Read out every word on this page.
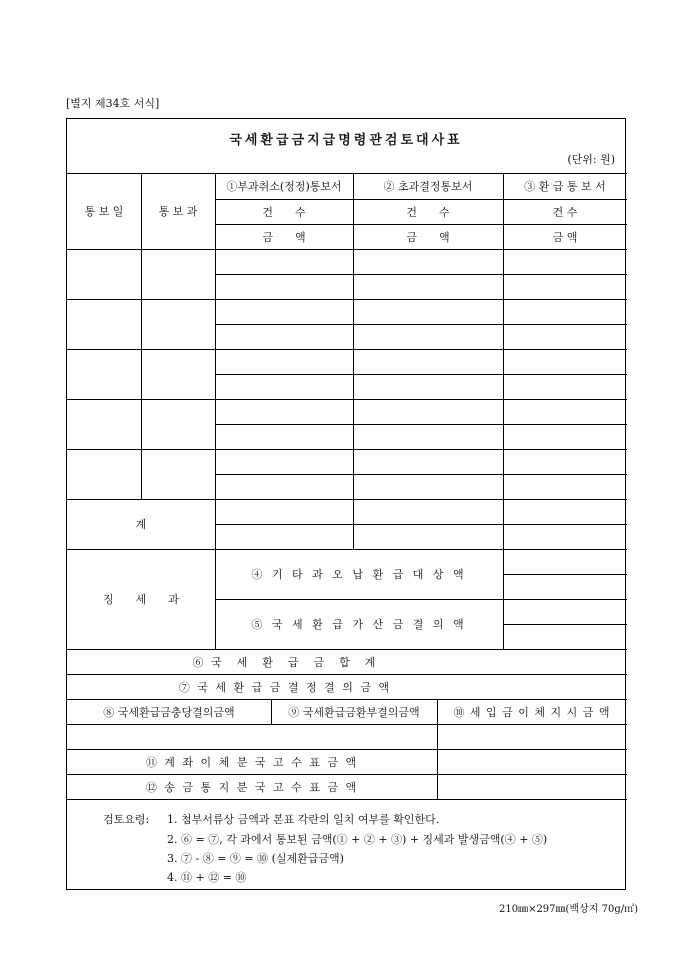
[별지 제34호 서식]
국세환급금지급명령관검토대사표
(단위: 원)
통 보 일	통 보 과
①부과취소(정정)통보서	② 초과결정통보서	③ 환 급 통 보 서
건　　수	건　　수	건 수
금　　액	금　　액	금 액
계
징　　세　　과
④ 기 타 과 오 납 환 급 대 상 액
⑤ 국 세 환 급 가 산 금 결 의 액
⑥ 국　세　환　급　금　합　계
⑦ 국 세 환 급 금 결 정 결 의 금 액
⑧ 국세환급금충당결의금액	⑨ 국세환급금환부결의금액	⑩ 세 입 금 이 체 지 시 금 액
⑪ 계 좌 이 체 분 국 고 수 표 금 액
⑫ 송 금 통 지 분 국 고 수 표 금 액
검토요령: 1. 첨부서류상 금액과 본표 각란의 일치 여부를 확인한다.
2. ⑥ = ⑦, 각 과에서 통보된 금액(① + ② + ③) + 징세과 발생금액(④ + ⑤)
3. ⑦ - ⑧ = ⑨ = ⑩ (실제환급금액)
4. ⑪ + ⑫ = ⑩
210㎜×297㎜(백상지 70g/㎡)
